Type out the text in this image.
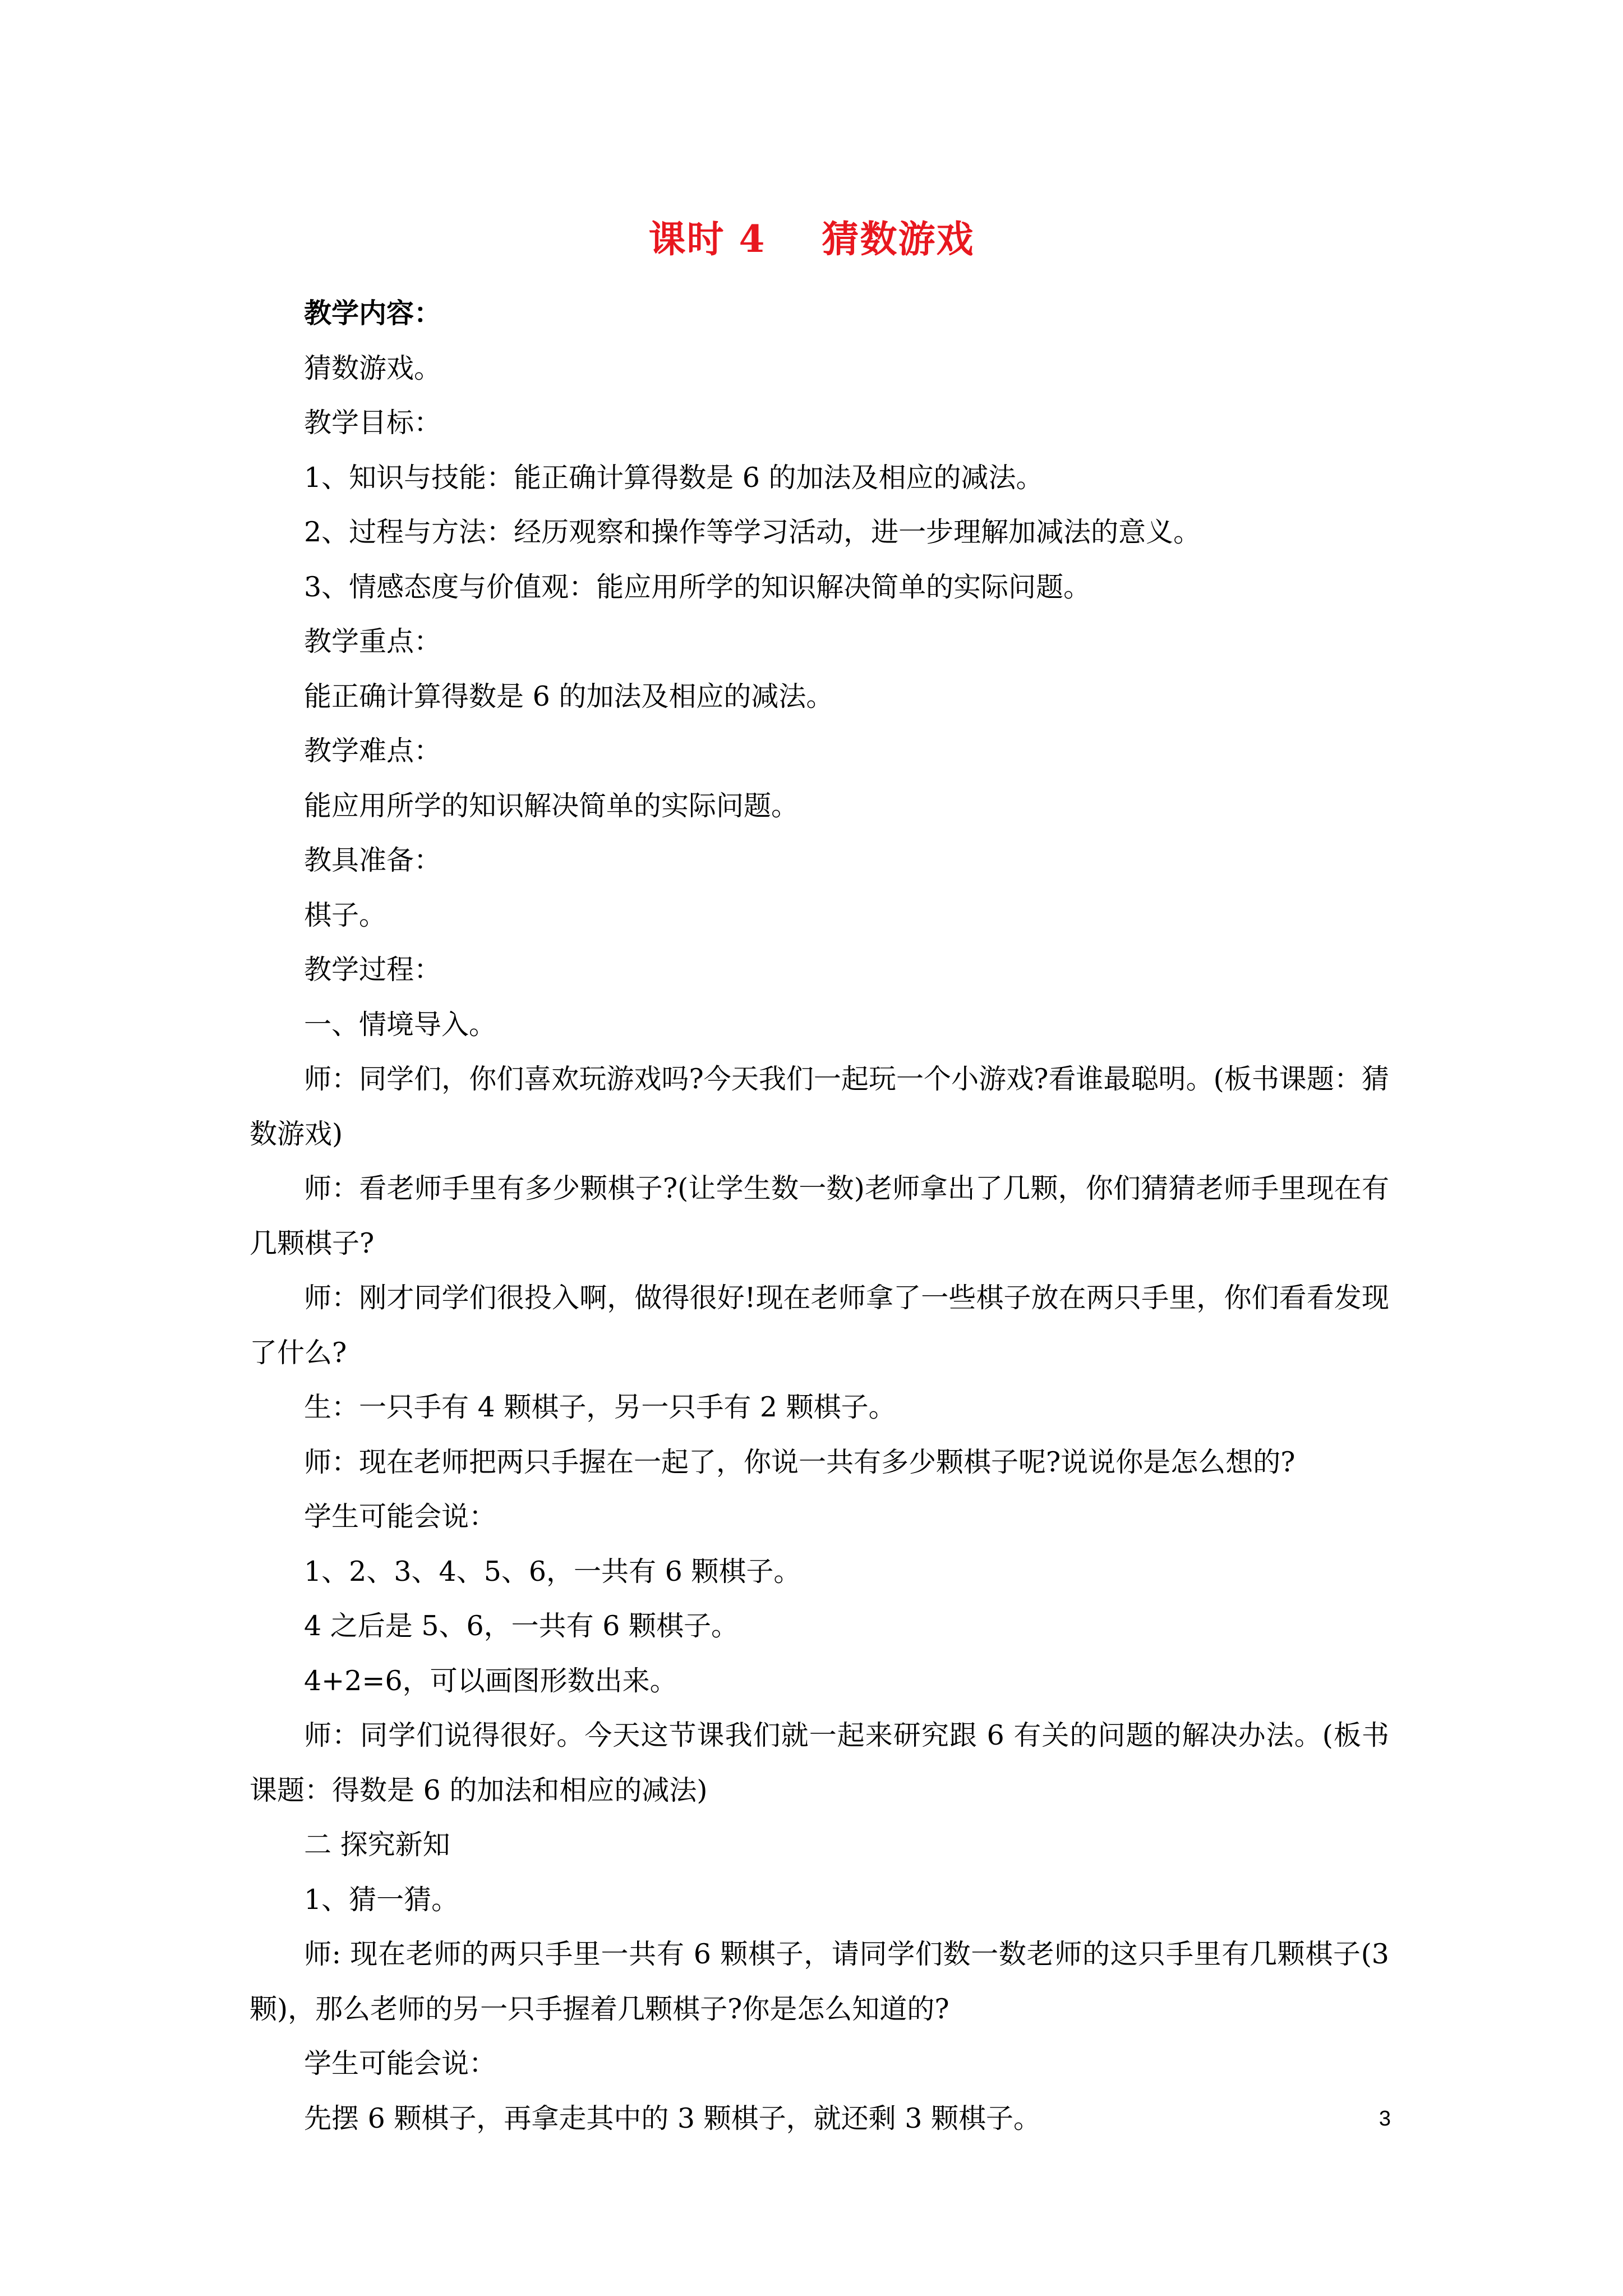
课时 4 猜数游戏

教学内容：

猜数游戏。

教学目标：

1、知识与技能：能正确计算得数是 6 的加法及相应的减法。

2、过程与方法：经历观察和操作等学习活动，进一步理解加减法的意义。

3、情感态度与价值观：能应用所学的知识解决简单的实际问题。

教学重点：

能正确计算得数是 6 的加法及相应的减法。

教学难点：

能应用所学的知识解决简单的实际问题。

教具准备：

棋子。

教学过程：

一、情境导入。

师：同学们，你们喜欢玩游戏吗?今天我们一起玩一个小游戏?看谁最聪明。(板书课题：猜数游戏)

师：看老师手里有多少颗棋子?(让学生数一数)老师拿出了几颗，你们猜猜老师手里现在有几颗棋子?

师：刚才同学们很投入啊，做得很好!现在老师拿了一些棋子放在两只手里，你们看看发现了什么?

生：一只手有 4 颗棋子，另一只手有 2 颗棋子。

师：现在老师把两只手握在一起了，你说一共有多少颗棋子呢?说说你是怎么想的?

学生可能会说：

1、2、3、4、5、6，一共有 6 颗棋子。

4 之后是 5、6，一共有 6 颗棋子。

4+2=6，可以画图形数出来。

师：同学们说得很好。今天这节课我们就一起来研究跟 6 有关的问题的解决办法。(板书课题：得数是 6 的加法和相应的减法)

二 探究新知

1、猜一猜。

师: 现在老师的两只手里一共有 6 颗棋子，请同学们数一数老师的这只手里有几颗棋子(3 颗)，那么老师的另一只手握着几颗棋子?你是怎么知道的?

学生可能会说：

先摆 6 颗棋子，再拿走其中的 3 颗棋子，就还剩 3 颗棋子。	3
